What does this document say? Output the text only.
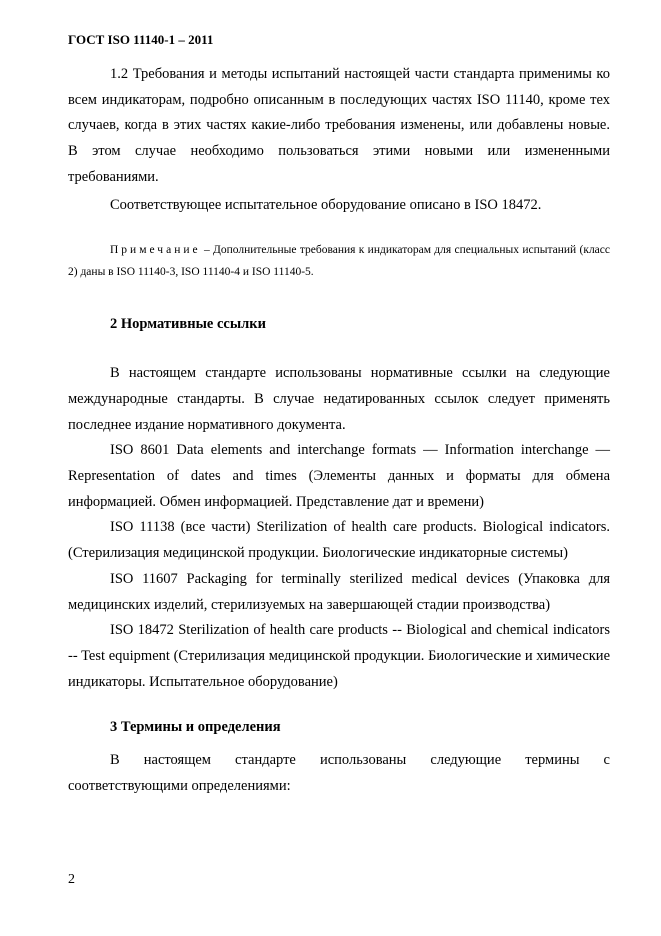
ГОСТ ISO 11140-1 – 2011

1.2 Требования и методы испытаний настоящей части стандарта применимы ко всем индикаторам, подробно описанным в последующих частях ISO 11140, кроме тех случаев, когда в этих частях какие-либо требования изменены, или добавлены новые. В этом случае необходимо пользоваться этими новыми или измененными требованиями.

Соответствующее испытательное оборудование описано в ISO 18472.

Примечание – Дополнительные требования к индикаторам для специальных испытаний (класс 2) даны в ISO 11140-3, ISO 11140-4 и ISO 11140-5.

2 Нормативные ссылки

В настоящем стандарте использованы нормативные ссылки на следующие международные стандарты. В случае недатированных ссылок следует применять последнее издание нормативного документа.

ISO 8601 Data elements and interchange formats — Information interchange — Representation of dates and times (Элементы данных и форматы для обмена информацией. Обмен информацией. Представление дат и времени)

ISO 11138 (все части) Sterilization of health care products. Biological indicators. (Стерилизация медицинской продукции. Биологические индикаторные системы)

ISO 11607 Packaging for terminally sterilized medical devices (Упаковка для медицинских изделий, стерилизуемых на завершающей стадии производства)

ISO 18472 Sterilization of health care products -- Biological and chemical indicators -- Test equipment (Стерилизация медицинской продукции. Биологические и химические индикаторы. Испытательное оборудование)

3 Термины и определения

В настоящем стандарте использованы следующие термины с соответствующими определениями:

2
